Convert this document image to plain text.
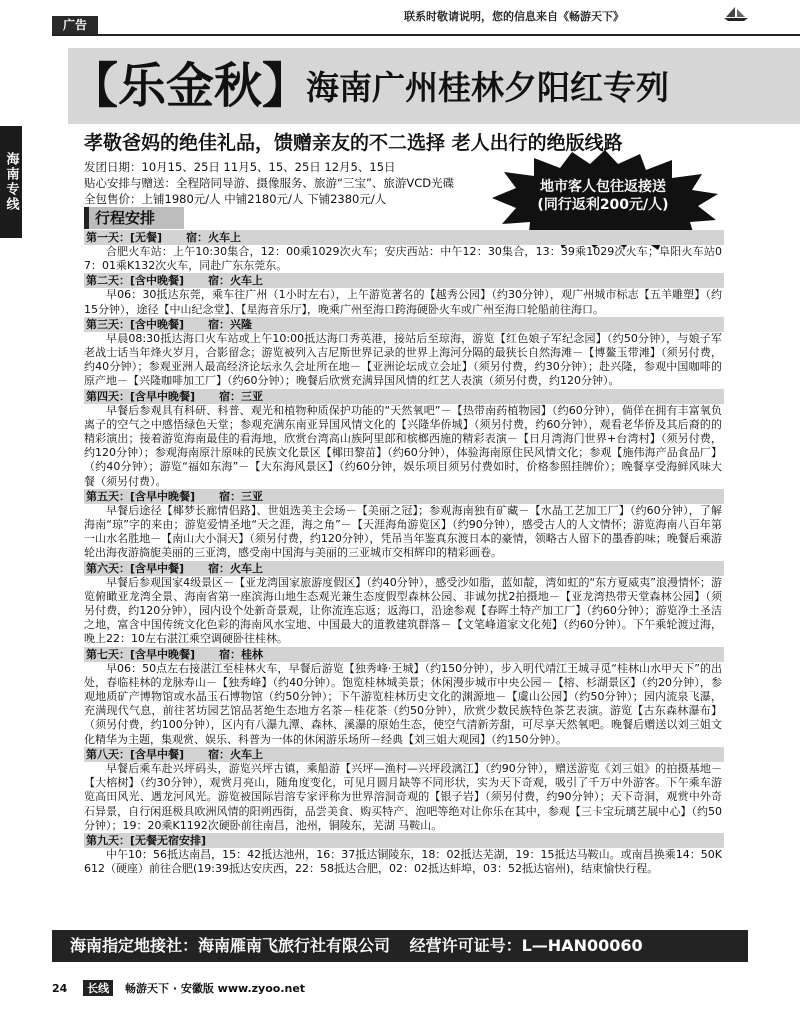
广告
联系时敬请说明，您的信息来自《畅游天下》
海南专线
【乐金秋】
海南广州桂林夕阳红专列
孝敬爸妈的绝佳礼品，馈赠亲友的不二选择 老人出行的绝版线路
发团日期：10月15、25日 11月5、15、25日 12月5、15日
贴心安排与赠送：全程陪同导游、摄像服务、旅游“三宝”、旅游VCD光碟
全包售价：上铺1980元/人 中铺2180元/人 下铺2380元/人
地市客人包往返接送
(同行返利200元/人)
行程安排
第一天：[无餐] 宿：火车上
合肥火车站：上午10:30集合，12：00乘1029次火车；安庆西站：中午12：30集合，13：39乘1029次火车；阜阳火车站07：01乘K132次火车，同赴广东东莞东。
第二天：[含中晚餐] 宿：火车上
早06：30抵达东莞，乘车往广州（1小时左右），上午游览著名的【越秀公园】（约30分钟），观广州城市标志【五羊雕塑】（约15分钟），途径【中山纪念堂】、【星海音乐厅】，晚乘广州至海口跨海硬卧火车或广州至海口轮船前往海口。
第三天：[含中晚餐] 宿：兴隆
早晨08:30抵达海口火车站或上午10:00抵达海口秀英港，接站后至琼海，游览【红色娘子军纪念园】（约50分钟），与娘子军老战士话当年烽火岁月，合影留念；游览被列入吉尼斯世界记录的世界上海河分隔的最狭长自然海滩－【博鳌玉带滩】（须另付费，约40分钟）；参观亚洲人最高经济论坛永久会址所在地－【亚洲论坛成立会址】（须另付费，约30分钟）；赴兴隆，参观中国咖啡的原产地－【兴隆咖啡加工厂】（约60分钟）；晚餐后欣赏充满异国风情的红艺人表演（须另付费，约120分钟）。
第四天：[含早中晚餐] 宿：三亚
早餐后参观具有科研、科普、观光和植物种质保护功能的“天然氧吧”－【热带南药植物园】（约60分钟），倘佯在拥有丰富氧负离子的空气之中感悟绿色天堂；参观充满东南亚异国风情文化的【兴隆华侨城】（须另付费，约60分钟），观看老华侨及其后裔的的精彩演出；接着游览海南最佳的看海地，欣赏台湾高山族阿里郎和槟榔西施的精彩表演－【日月湾海门世界+台湾村】（须另付费，约120分钟）；参观海南原汁原味的民族文化景区【椰田黎苗】（约60分钟），体验海南原住民风情文化；参观【施伟海产品食品厂】（约40分钟）；游览“福如东海”－【大东海风景区】（约60分钟，娱乐项目须另付费如时，价格参照挂牌价）；晚餐享受海鲜风味大餐（须另付费）。
第五天：[含早中晚餐] 宿：三亚
早餐后途径【椰梦长廊情侣路】、世姐选美主会场－【美丽之冠】；参观海南独有矿藏－【水晶工艺加工厂】（约60分钟），了解海南“琼”字的来由；游览爱情圣地“天之涯，海之角”－【天涯海角游览区】（约90分钟），感受古人的人文情怀；游览海南八百年第一山水名胜地－【南山大小洞天】（须另付费，约120分钟），凭吊当年鉴真东渡日本的豪情，领略古人留下的墨香韵味；晚餐后乘游轮出海夜游旖旎美丽的三亚湾，感受南中国海与美丽的三亚城市交相辉印的精彩画卷。
第六天：[含早中餐] 宿：火车上
早餐后参观国家4级景区－【亚龙湾国家旅游度假区】（约40分钟），感受沙如脂，蓝如靛，湾如虹的“东方夏威夷”浪漫情怀；游览俯瞰亚龙湾全景、海南省第一座滨海山地生态观光兼生态度假型森林公园、非诚勿扰2拍摄地－【亚龙湾热带天堂森林公园】（须另付费，约120分钟），园内设个处新奇景观，让你流连忘返；返海口，沿途参观【春晖土特产加工厂】（约60分钟）；游览净土圣洁之地，富含中国传统文化色彩的海南风水宝地、中国最大的道教建筑群落－【文笔峰道家文化苑】（约60分钟）。下午乘轮渡过海，晚上22：10左右湛江乘空调硬卧往桂林。
第七天：[含早中晚餐] 宿：桂林
早06：50点左右接湛江至桂林火车，早餐后游览【独秀峰·王城】（约150分钟），步入明代靖江王城寻觅“桂林山水甲天下”的出处，春临桂林的龙脉寿山－【独秀峰】（约40分钟）。饱览桂林城美景；休闲漫步城市中央公园－【榕、杉湖景区】（约20分钟），参观地质矿产博物馆或水晶玉石博物馆（约50分钟）；下午游览桂林历史文化的渊源地－【虞山公园】（约50分钟）；园内流泉飞瀑，充满现代气息，前往茗坊园艺馆品茗绝生态地方名茶－桂花茶（约50分钟），欣赏少数民族特色茶艺表演。游览【古东森林瀑布】（须另付费，约100分钟），区内有八瀑九潭、森林、溪瀑的原始生态，使空气清新芳甜，可尽享天然氧吧。晚餐后赠送以刘三姐文化精华为主题，集观赏、娱乐、科普为一体的休闲游乐场所－经典【刘三姐大观园】（约150分钟）。
第八天：[含早中餐] 宿：火车上
早餐后乘车赴兴坪码头，游览兴坪古镇，乘船游【兴坪—渔村—兴坪段漓江】（约90分钟），赠送游览《刘三姐》的拍摄基地－【大榕树】（约30分钟），观赏月亮山，随角度变化，可见月圆月缺等不同形状，实为天下奇观，吸引了千万中外游客。下午乘车游览高田风光、遇龙河风光。游览被国际岩溶专家评称为世界溶洞奇观的【银子岩】（须另付费，约90分钟）；天下奇洞，观赏中外奇石异景，自行闲逛极具欧洲风情的阳朔西街，品尝美食、购买特产、泡吧等绝对让你乐在其中，参观【三卡宝玩璃艺展中心】（约50分钟）；19：20乘K1192次硬卧前往南昌，池州，铜陵东，芜湖 马鞍山。
第九天：[无餐无宿安排]
中午10：56抵达南昌，15：42抵达池州，16：37抵达铜陵东，18：02抵达芜湖，19：15抵达马鞍山。或南昌换乘14：50K612（硬座）前往合肥(19:39抵达安庆西，22：58抵达合肥，02：02抵达蚌埠，03：52抵达宿州)，结束愉快行程。
海南指定地接社：海南雁南飞旅行社有限公司 经营许可证号：L—HAN00060
24 长线 畅游天下 · 安徽版 www.zyoo.net
